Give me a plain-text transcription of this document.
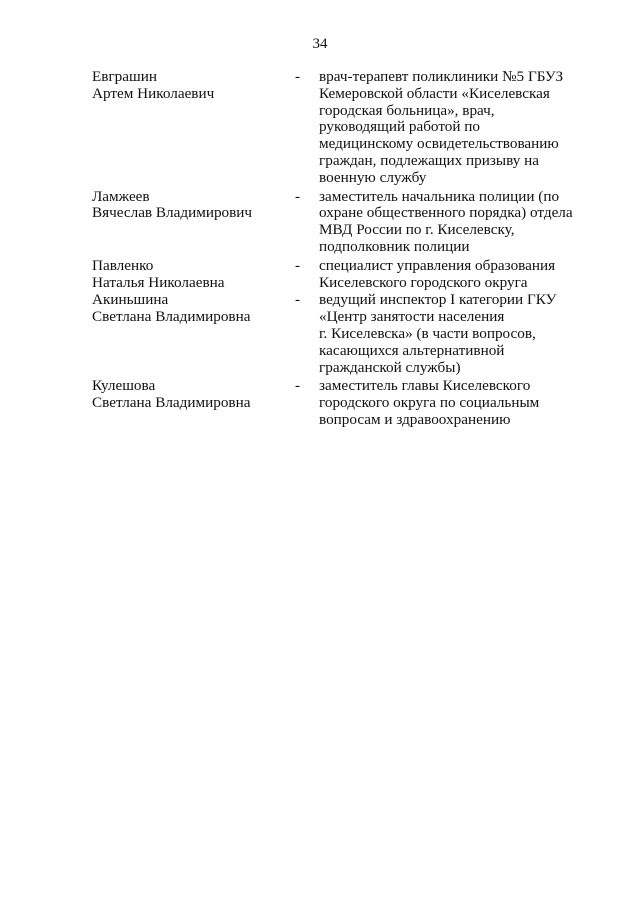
34
Евграшин
Артем Николаевич
-	врач-терапевт поликлиники №5 ГБУЗ
Кемеровской области «Киселевская
городская больница», врач,
руководящий работой по
медицинскому освидетельствованию
граждан, подлежащих призыву на
военную службу
Ламжеев
Вячеслав Владимирович
-	заместитель начальника полиции (по
охране общественного порядка) отдела
МВД России по г. Киселевску,
подполковник полиции
Павленко
Наталья Николаевна
-	специалист управления образования
Киселевского городского округа
Акиньшина
Светлана Владимировна
-	ведущий инспектор I категории ГКУ
«Центр занятости населения
г. Киселевска» (в части вопросов,
касающихся альтернативной
гражданской службы)
Кулешова
Светлана Владимировна
-	заместитель главы Киселевского
городского округа по социальным
вопросам и здравоохранению
